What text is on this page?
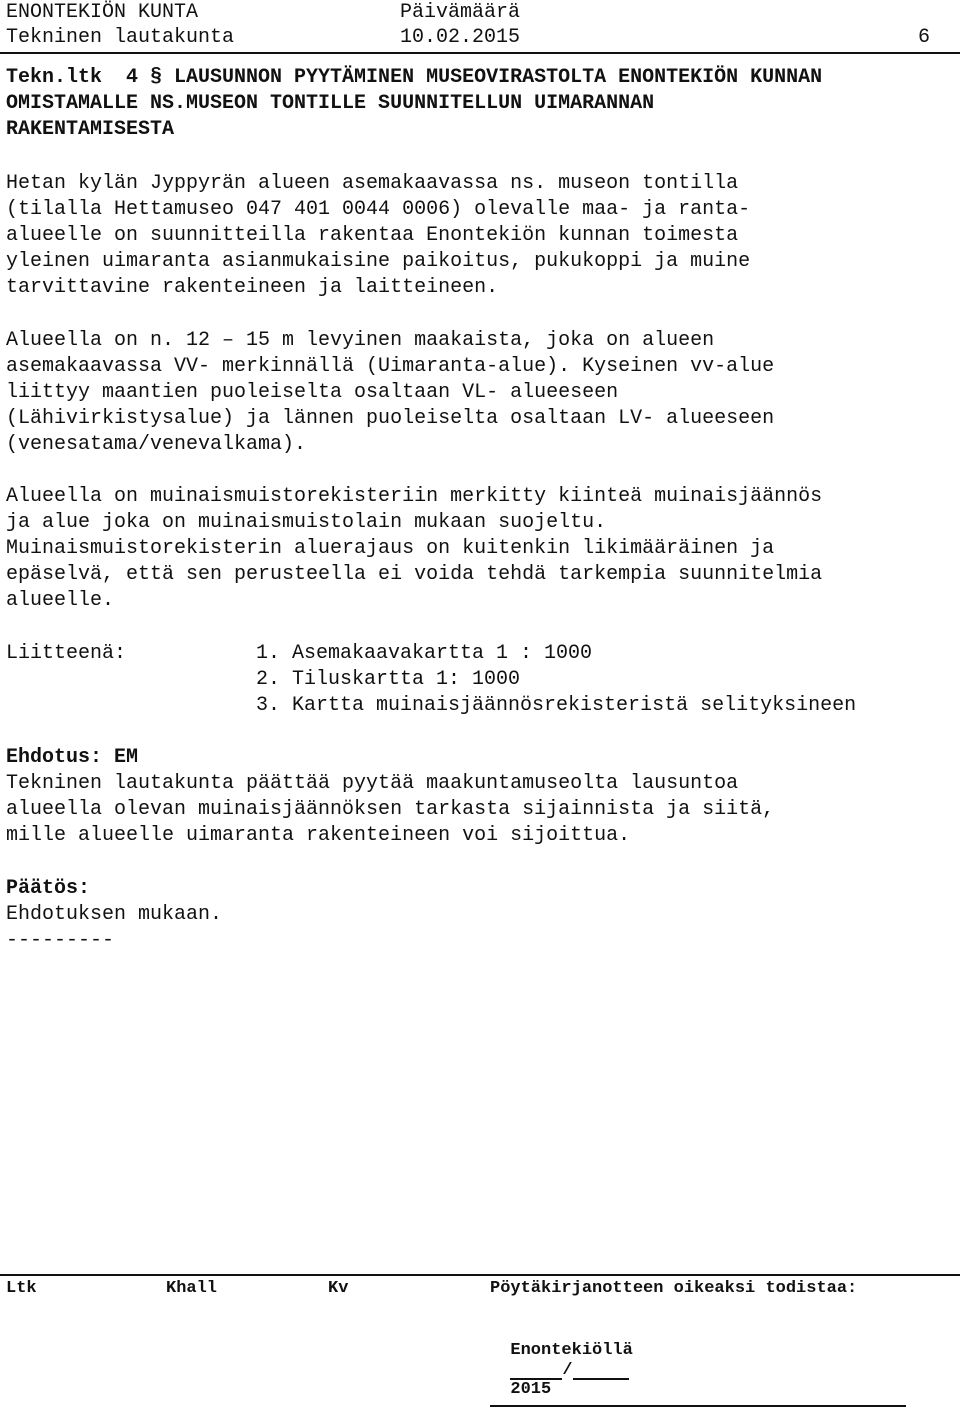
ENONTEKIÖN KUNTA	Päivämäärä
Tekninen lautakunta	10.02.2015	6
Tekn.ltk  4 § LAUSUNNON PYYTÄMINEN MUSEOVIRASTOLTA ENONTEKIÖN KUNNAN
OMISTAMALLE NS.MUSEON TONTILLE SUUNNITELLUN UIMARANNAN
RAKENTAMISESTA
Hetan kylän Jyppyrän alueen asemakaavassa ns. museon tontilla
(tilalla Hettamuseo 047 401 0044 0006) olevalle maa- ja ranta-
alueelle on suunnitteilla rakentaa Enontekiön kunnan toimesta
yleinen uimaranta asianmukaisine paikoitus, pukukoppi ja muine
tarvittavine rakenteineen ja laitteineen.
Alueella on n. 12 – 15 m levyinen maakaista, joka on alueen
asemakaavassa VV- merkinnällä (Uimaranta-alue). Kyseinen vv-alue
liittyy maantien puoleiselta osaltaan VL- alueeseen
(Lähivirkistysalue) ja lännen puoleiselta osaltaan LV- alueeseen
(venesatama/venevalkama).
Alueella on muinaismuistorekisteriin merkitty kiinteä muinaisjäännös
ja alue joka on muinaismuistolain mukaan suojeltu.
Muinaismuistorekisterin aluerajaus on kuitenkin likimääräinen ja
epäselvä, että sen perusteella ei voida tehdä tarkempia suunnitelmia
alueelle.
Liitteenä:	1. Asemakaavakartta 1 : 1000
2. Tiluskartta 1: 1000
3. Kartta muinaisjäännösrekisteristä selityksineen
Ehdotus: EM
Tekninen lautakunta päättää pyytää maakuntamuseolta lausuntoa
alueella olevan muinaisjäännöksen tarkasta sijainnista ja siitä,
mille alueelle uimaranta rakenteineen voi sijoittua.
Päätös:
Ehdotuksen mukaan.
---------
Ltk	Khall	Kv	Pöytäkirjanotteen oikeaksi todistaa:

Enontekiöllä
/
2015
